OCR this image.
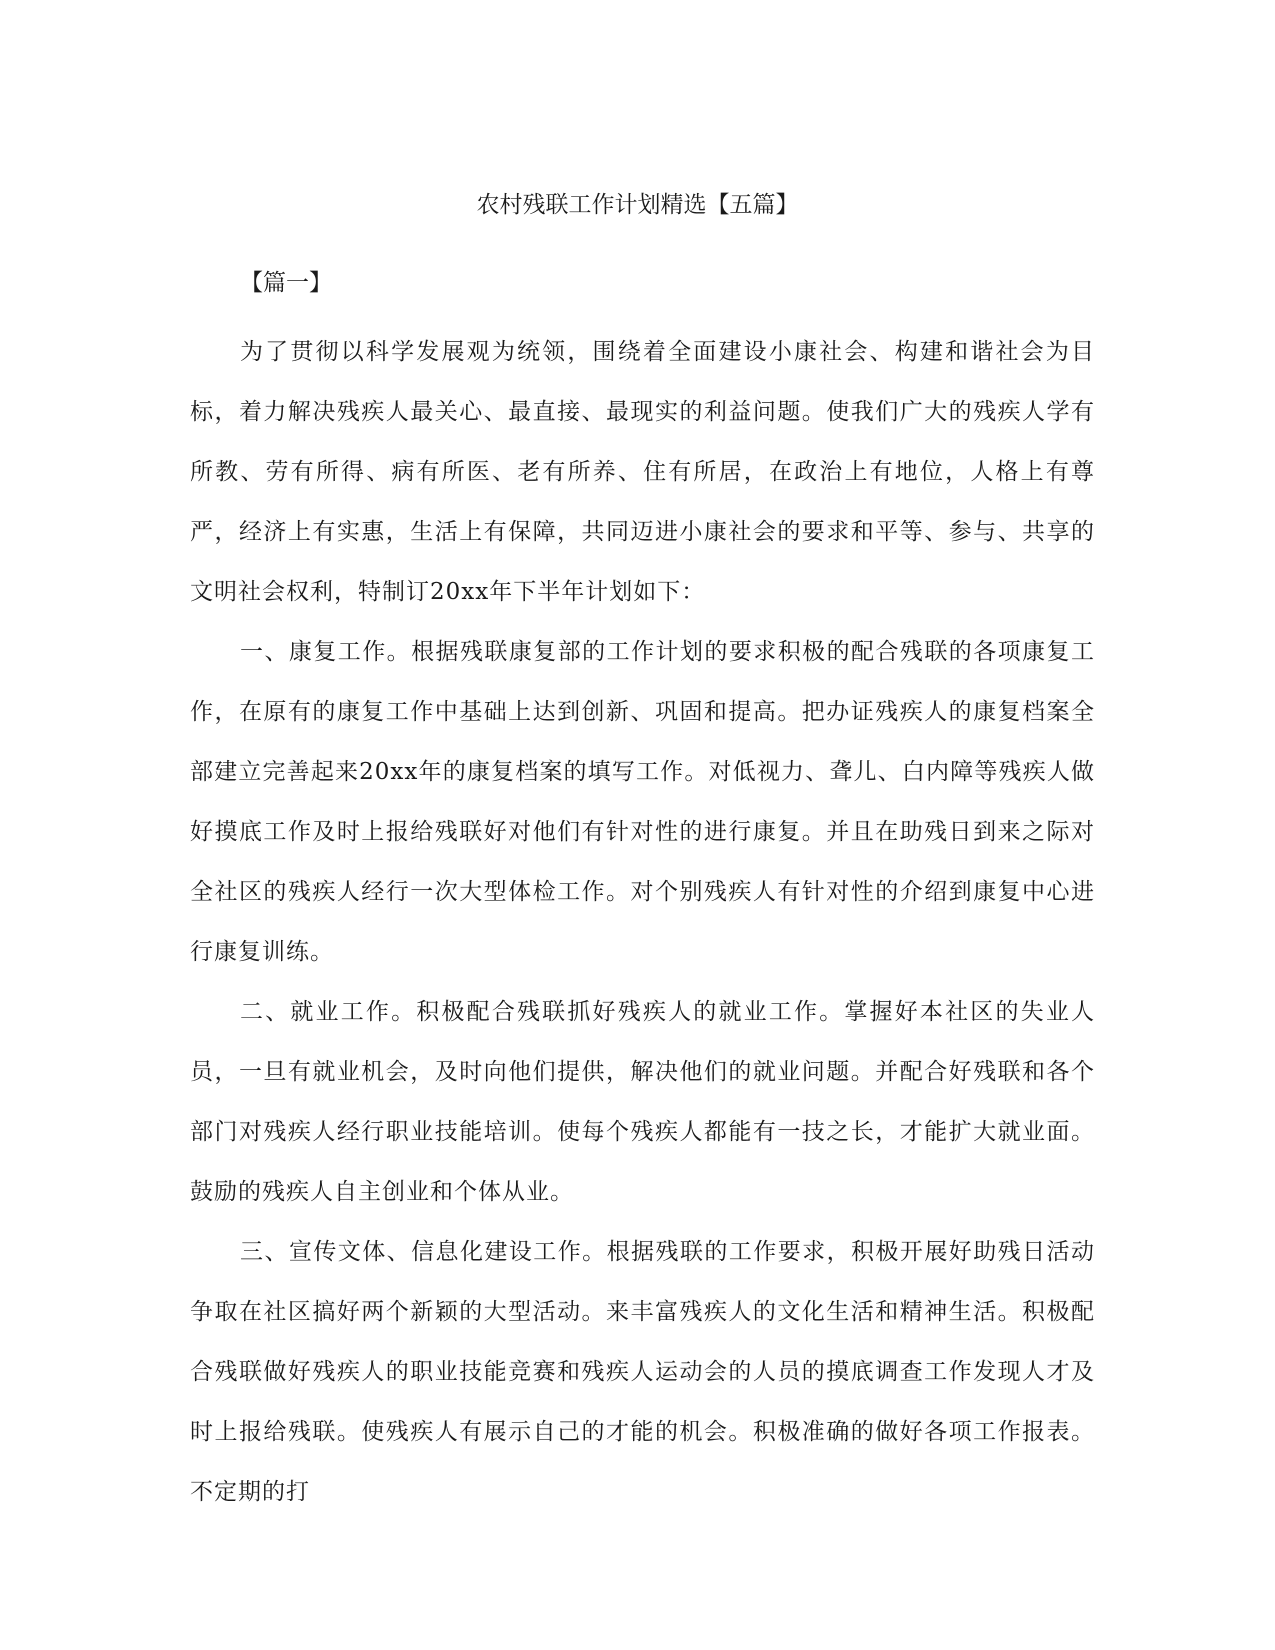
农村残联工作计划精选【五篇】
【篇一】

为了贯彻以科学发展观为统领，围绕着全面建设小康社会、构建和谐社会为目标，着力解决残疾人最关心、最直接、最现实的利益问题。使我们广大的残疾人学有所教、劳有所得、病有所医、老有所养、住有所居，在政治上有地位，人格上有尊严，经济上有实惠，生活上有保障，共同迈进小康社会的要求和平等、参与、共享的文明社会权利，特制订20xx年下半年计划如下：

一、康复工作。根据残联康复部的工作计划的要求积极的配合残联的各项康复工作，在原有的康复工作中基础上达到创新、巩固和提高。把办证残疾人的康复档案全部建立完善起来20xx年的康复档案的填写工作。对低视力、聋儿、白内障等残疾人做好摸底工作及时上报给残联好对他们有针对性的进行康复。并且在助残日到来之际对全社区的残疾人经行一次大型体检工作。对个别残疾人有针对性的介绍到康复中心进行康复训练。

二、就业工作。积极配合残联抓好残疾人的就业工作。掌握好本社区的失业人员，一旦有就业机会，及时向他们提供，解决他们的就业问题。并配合好残联和各个部门对残疾人经行职业技能培训。使每个残疾人都能有一技之长，才能扩大就业面。鼓励的残疾人自主创业和个体从业。

三、宣传文体、信息化建设工作。根据残联的工作要求，积极开展好助残日活动争取在社区搞好两个新颖的大型活动。来丰富残疾人的文化生活和精神生活。积极配合残联做好残疾人的职业技能竞赛和残疾人运动会的人员的摸底调查工作发现人才及时上报给残联。使残疾人有展示自己的才能的机会。积极准确的做好各项工作报表。不定期的打
